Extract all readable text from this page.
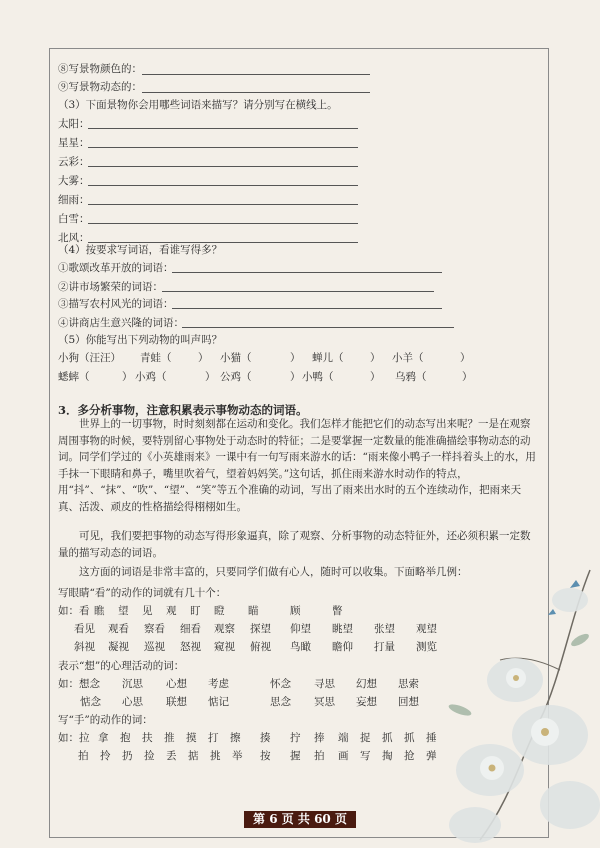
⑧写景物颜色的：
⑨写景物动态的：
（3）下面景物你会用哪些词语来描写？请分别写在横线上。
太阳：
星星：
云彩：
大雾：
细雨：
白雪：
北风：
（4）按要求写词语，看谁写得多？
①歌颂改革开放的词语：
②讲市场繁荣的词语：
③描写农村风光的词语：
④讲商店生意兴隆的词语：
（5）你能写出下列动物的叫声吗？
小狗（汪汪） 青蛙（	） 小猫（	） 蝉儿（	） 小羊（	）
蟋蟀（	） 小鸡（	） 公鸡（	） 小鸭（	） 乌鸦（	）
3．多分析事物，注意积累表示事物动态的词语。

世界上的一切事物，时时刻刻都在运动和变化。我们怎样才能把它们的动态写出来呢？一是在观察周围事物的时候，要特别留心事物处于动态时的特征；二是要掌握一定数量的能准确描绘事物动态的动词。同学们学过的《小英雄雨来》一课中有一句写雨来游水的话：“雨来像小鸭子一样抖着头上的水，用手抹一下眼睛和鼻子，嘴里吹着气，望着妈妈笑。”这句话，抓住雨来游水时动作的特点，用“抖”、“抹”、“吹”、“望”、“笑”等五个准确的动词，写出了雨来出水时的五个连续动作，把雨来天真、活泼、顽皮的性格描绘得栩栩如生。

可见，我们要把事物的动态写得形象逼真，除了观察、分析事物的动态特征外，还必须积累一定数量的描写动态的词语。

这方面的词语是非常丰富的，只要同学们做有心人，随时可以收集。下面略举几例：

写眼睛“看”的动作的词就有几十个：
如：看 瞧 望 见 观 盯 瞪 瞄	顾	瞥
看见 观看 察看 细看 观察 探望 仰望 眺望 张望 观望
斜视 凝视 巡视 怒视 窥视 俯视 鸟瞰 瞻仰 打量 测览
表示“想”的心理活动的词：
如：想念 沉思 心想 考虑	怀念 寻思 幻想 思索
惦念 心思 联想 惦记	思念 冥思 妄想 回想
写“手”的动作的词：
如：拉 拿 抱 扶 推 摸 打 擦 揍 拧 捧 端 捉 抓 抓 捶
拍 拎 扔 捡 丢 掂 挑 举 按 握 拍 画 写 掏 抢 弹
第 6 页 共 60 页
